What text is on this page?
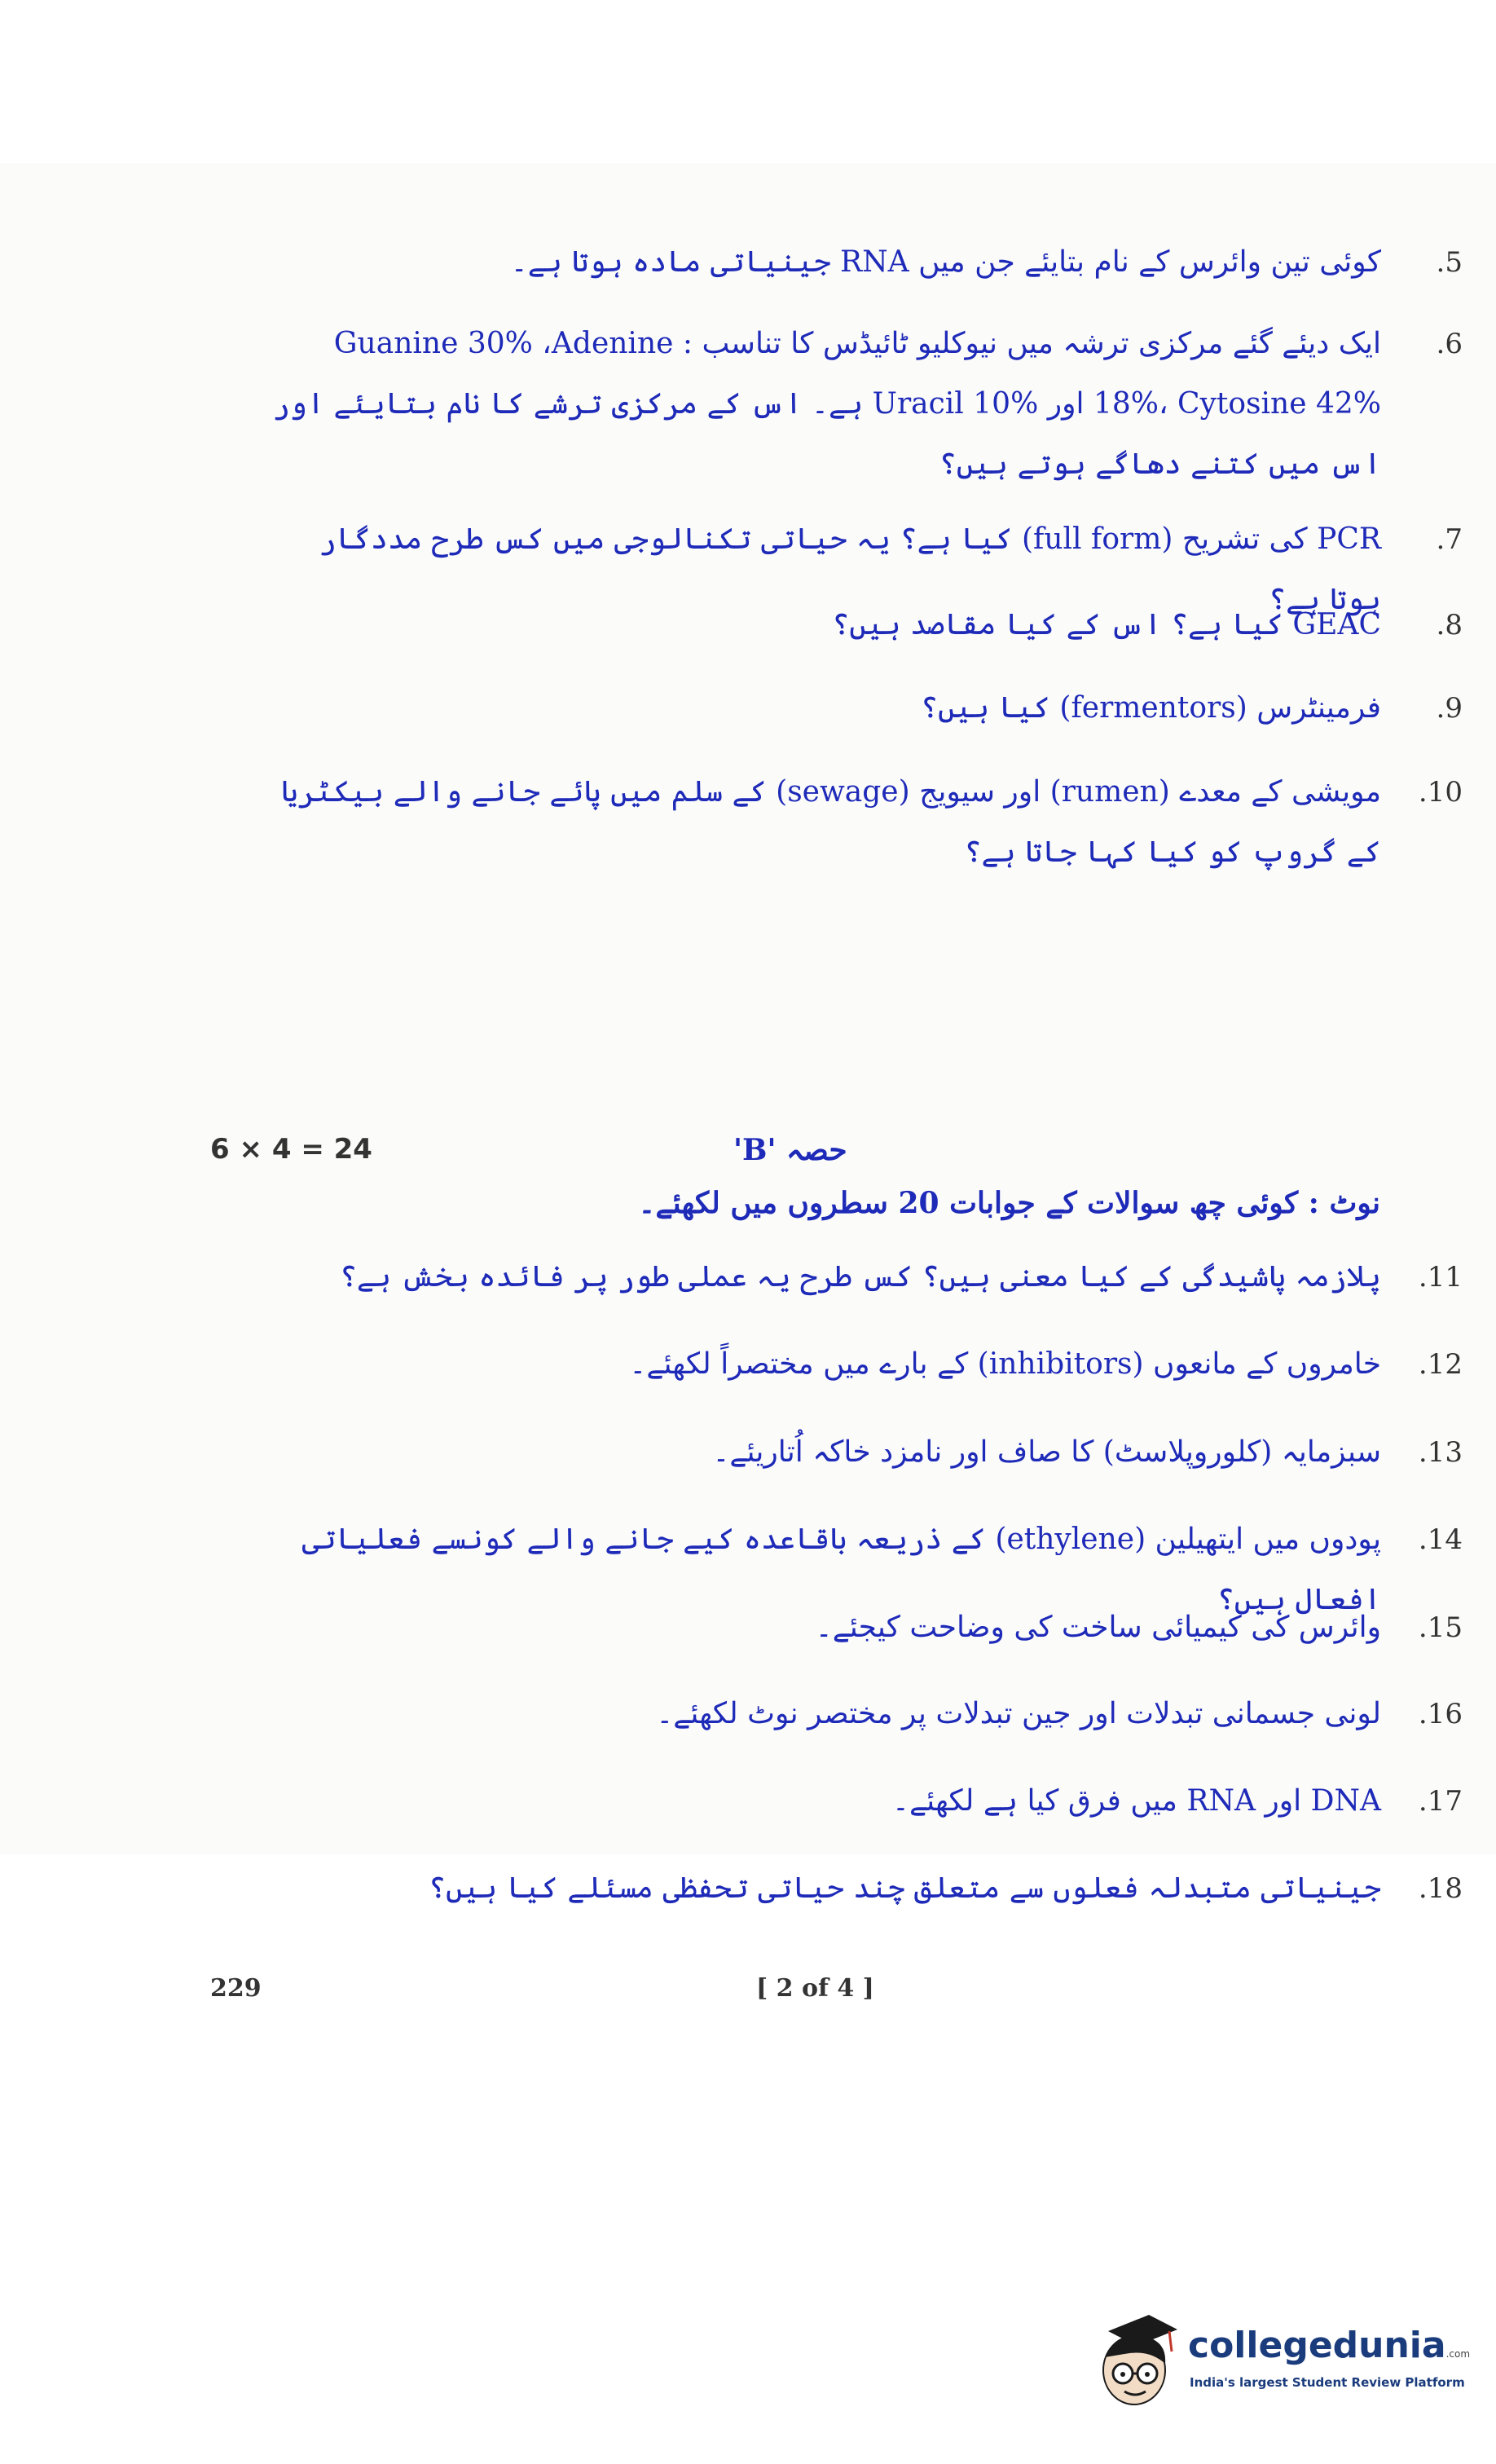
.5
کوئی تین وائرس کے نام بتایئے جن میں RNA جینیاتی مادہ ہوتا ہے۔
.6
ایک دیئے گئے مرکزی ترشہ میں نیوکلیو ٹائیڈس کا تناسب : Guanine 30% ،Adenine 18%، Cytosine 42% اور Uracil 10% ہے۔ اس کے مرکزی ترشے کا نام بتایئے اور اس میں کتنے دھاگے ہوتے ہیں؟
.7
PCR کی تشریح (full form) کیا ہے؟ یہ حیاتی تکنالوجی میں کس طرح مددگار ہوتا ہے؟
.8
GEAC کیا ہے؟ اس کے کیا مقاصد ہیں؟
.9
فرمینٹرس (fermentors) کیا ہیں؟
.10
مویشی کے معدے (rumen) اور سیویج (sewage) کے سلم میں پائے جانے والے بیکٹریا کے گروپ کو کیا کہا جاتا ہے؟
6 × 4 = 24	حصہ 'B'
نوٹ : کوئی چھ سوالات کے جوابات 20 سطروں میں لکھئے۔
.11
پلازمہ پاشیدگی کے کیا معنی ہیں؟ کس طرح یہ عملی طور پر فائدہ بخش ہے؟
.12
خامروں کے مانعوں (inhibitors) کے بارے میں مختصراً لکھئے۔
.13
سبزمایہ (کلوروپلاسٹ) کا صاف اور نامزد خاکہ اُتاریئے۔
.14
پودوں میں ایتھیلین (ethylene) کے ذریعہ باقاعدہ کیے جانے والے کونسے فعلیاتی افعال ہیں؟
.15
وائرس کی کیمیائی ساخت کی وضاحت کیجئے۔
.16
لونی جسمانی تبدلات اور جین تبدلات پر مختصر نوٹ لکھئے۔
.17
DNA اور RNA میں فرق کیا ہے لکھئے۔
.18
جینیاتی متبدلہ فعلوں سے متعلق چند حیاتی تحفظی مسئلے کیا ہیں؟
229	[ 2 of 4 ]
collegedunia.com
India's largest Student Review Platform
